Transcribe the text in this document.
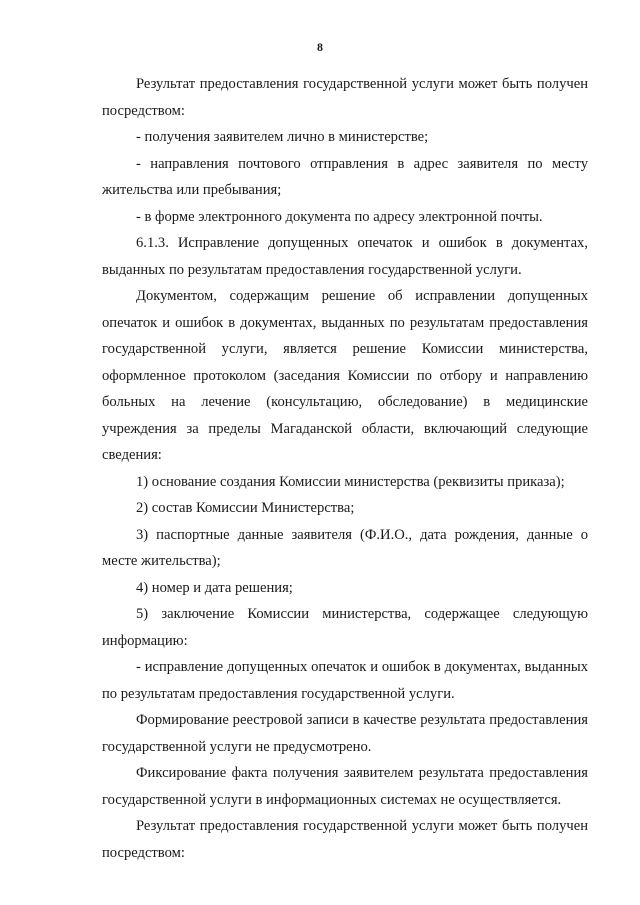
8

Результат предоставления государственной услуги может быть получен посредством:

- получения заявителем лично в министерстве;

- направления почтового отправления в адрес заявителя по месту жительства или пребывания;

- в форме электронного документа по адресу электронной почты.

6.1.3. Исправление допущенных опечаток и ошибок в документах, выданных по результатам предоставления государственной услуги.

Документом, содержащим решение об исправлении допущенных опечаток и ошибок в документах, выданных по результатам предоставления государственной услуги, является решение Комиссии министерства, оформленное протоколом (заседания Комиссии по отбору и направлению больных на лечение (консультацию, обследование) в медицинские учреждения за пределы Магаданской области, включающий следующие сведения:

1) основание создания Комиссии министерства (реквизиты приказа);

2) состав Комиссии Министерства;

3) паспортные данные заявителя (Ф.И.О., дата рождения, данные о месте жительства);

4) номер и дата решения;

5) заключение Комиссии министерства, содержащее следующую информацию:

- исправление допущенных опечаток и ошибок в документах, выданных по результатам предоставления государственной услуги.

Формирование реестровой записи в качестве результата предоставления государственной услуги не предусмотрено.

Фиксирование факта получения заявителем результата предоставления государственной услуги в информационных системах не осуществляется.

Результат предоставления государственной услуги может быть получен посредством:
